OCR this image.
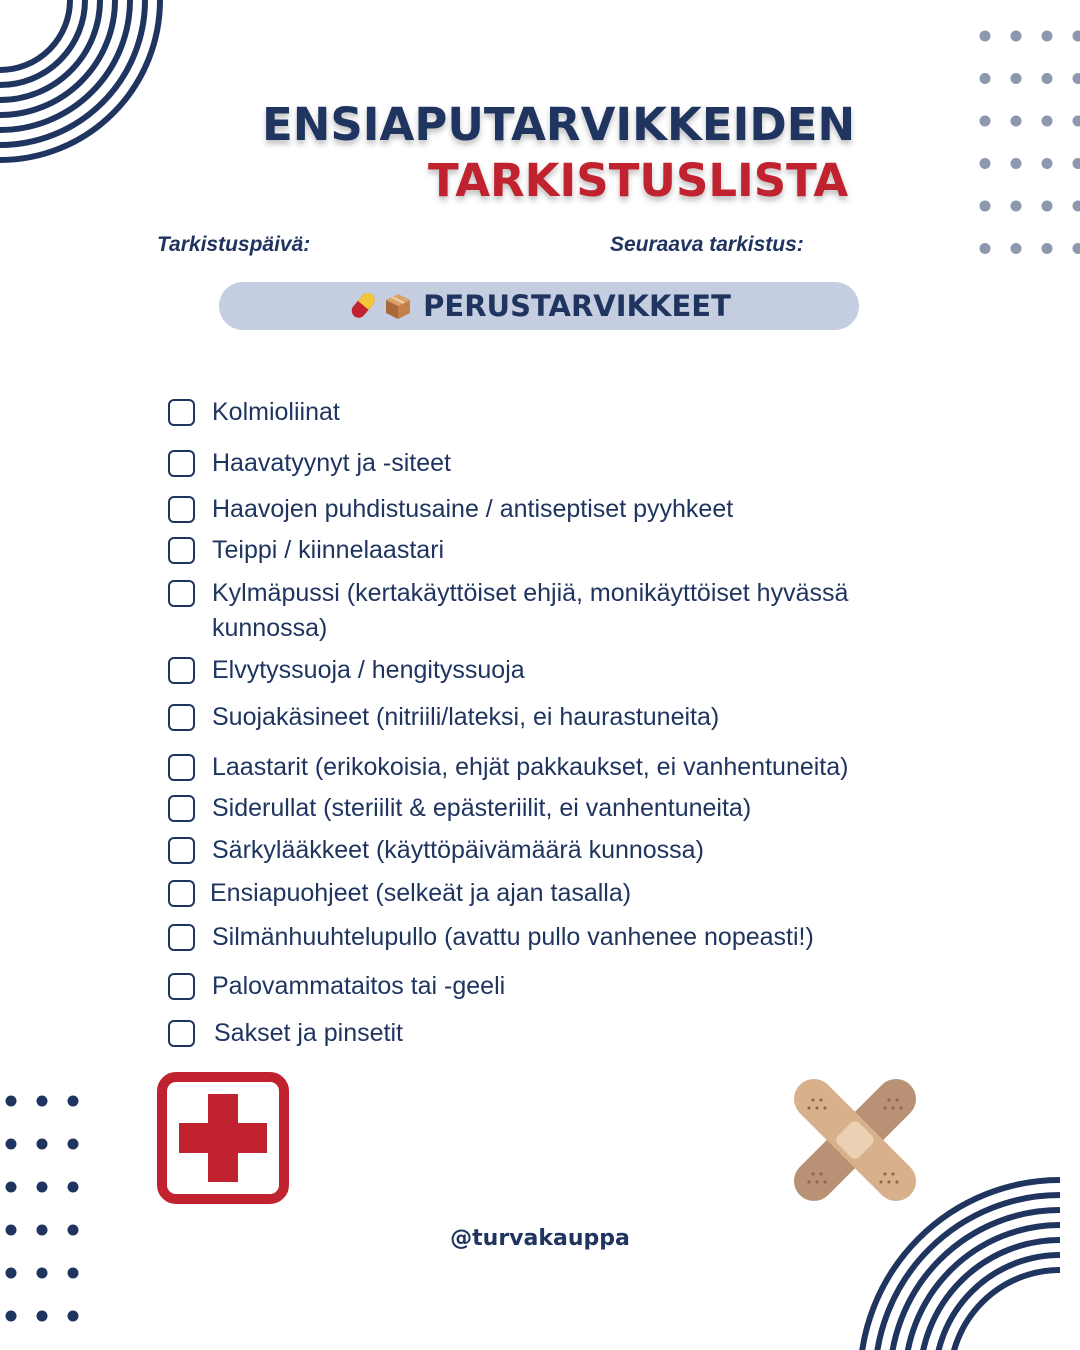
ENSIAPUTARVIKKEIDEN
TARKISTUSLISTA
Tarkistuspäivä:	Seuraava tarkistus:
PERUSTARVIKKEET
Kolmioliinat
Haavatyynyt ja -siteet
Haavojen puhdistusaine / antiseptiset pyyhkeet
Teippi / kiinnelaastari
Kylmäpussi (kertakäyttöiset ehjiä, monikäyttöiset hyvässä kunnossa)
Elvytyssuoja / hengityssuoja
Suojakäsineet (nitriili/lateksi, ei haurastuneita)
Laastarit (erikokoisia, ehjät pakkaukset, ei vanhentuneita)
Siderullat (steriilit & epästeriilit, ei vanhentuneita)
Särkylääkkeet (käyttöpäivämäärä kunnossa)
Ensiapuohjeet (selkeät ja ajan tasalla)
Silmänhuuhtelupullo (avattu pullo vanhenee nopeasti!)
Palovammataitos tai -geeli
Sakset ja pinsetit
@turvakauppa
